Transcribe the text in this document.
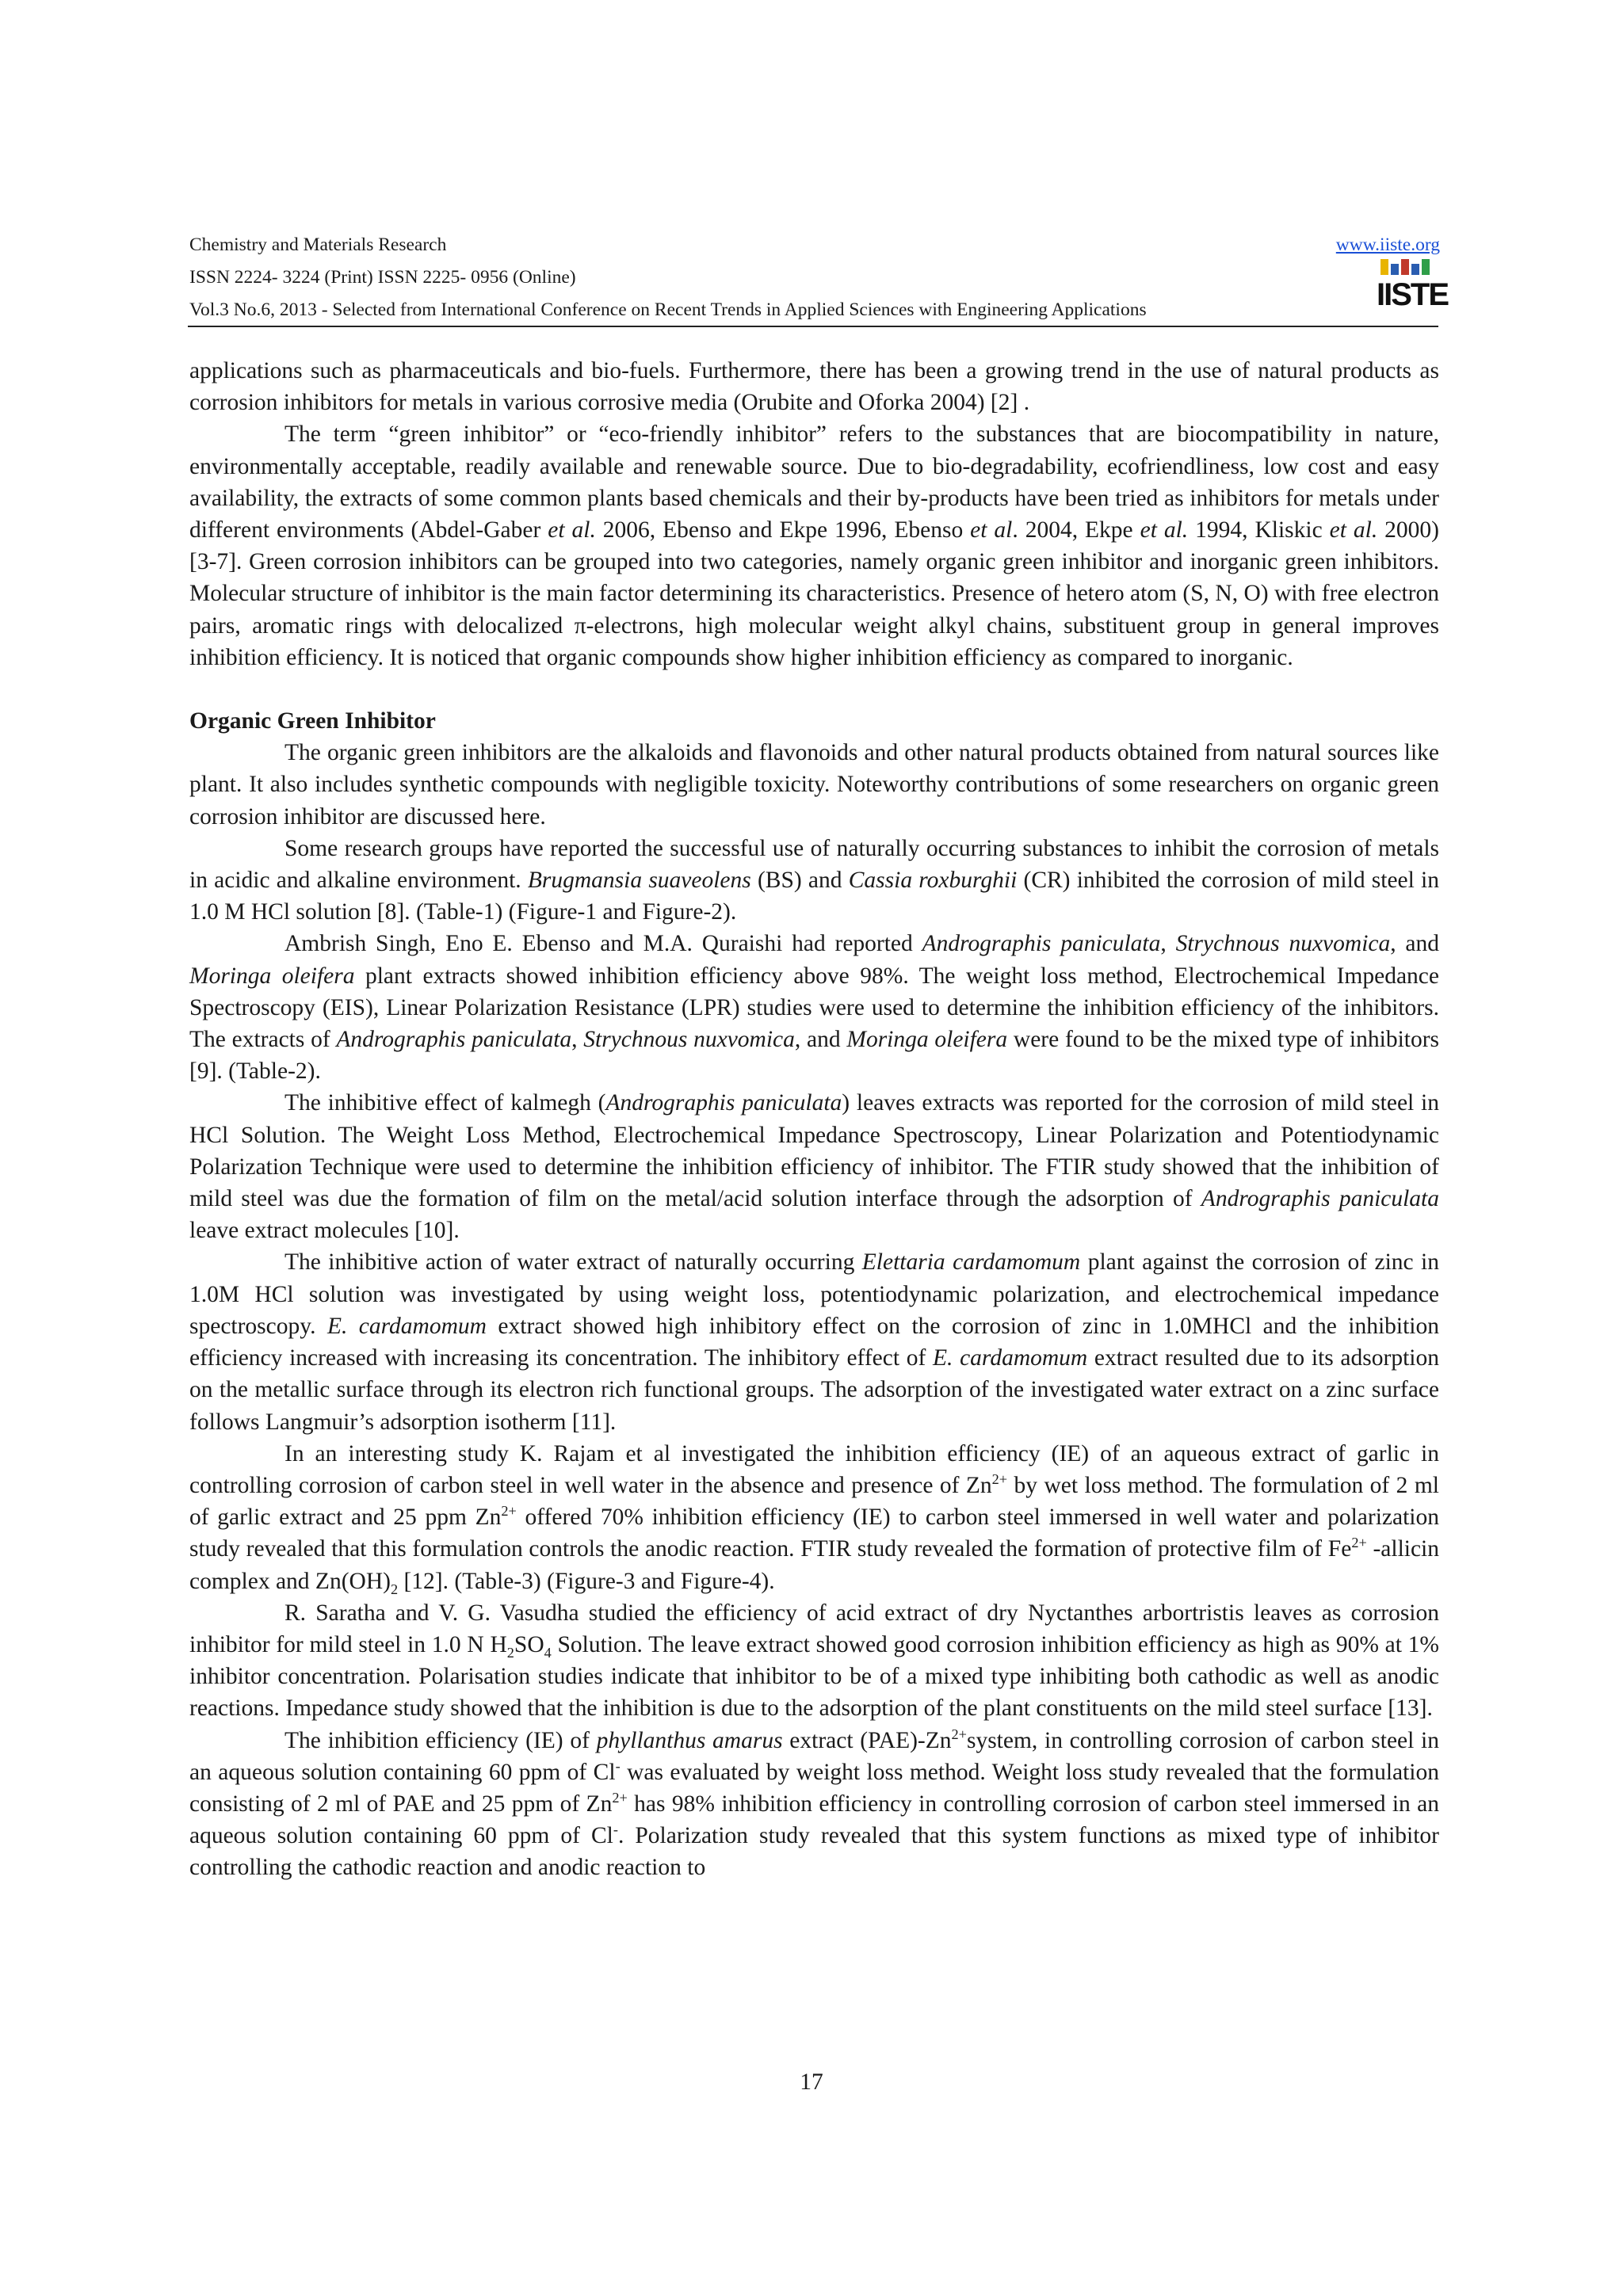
Chemistry and Materials Research
ISSN 2224- 3224 (Print) ISSN 2225- 0956 (Online)
Vol.3 No.6, 2013 - Selected from International Conference on Recent Trends in Applied Sciences with Engineering Applications
www.iiste.org
IISTE

applications such as pharmaceuticals and bio-fuels. Furthermore, there has been a growing trend in the use of natural products as corrosion inhibitors for metals in various corrosive media (Orubite and Oforka 2004) [2] .

The term “green inhibitor” or “eco-friendly inhibitor” refers to the substances that are biocompatibility in nature, environmentally acceptable, readily available and renewable source. Due to bio-degradability, ecofriendliness, low cost and easy availability, the extracts of some common plants based chemicals and their by-products have been tried as inhibitors for metals under different environments (Abdel-Gaber et al. 2006, Ebenso and Ekpe 1996, Ebenso et al. 2004, Ekpe et al. 1994, Kliskic et al. 2000) [3-7]. Green corrosion inhibitors can be grouped into two categories, namely organic green inhibitor and inorganic green inhibitors. Molecular structure of inhibitor is the main factor determining its characteristics. Presence of hetero atom (S, N, O) with free electron pairs, aromatic rings with delocalized π-electrons, high molecular weight alkyl chains, substituent group in general improves inhibition efficiency. It is noticed that organic compounds show higher inhibition efficiency as compared to inorganic.

Organic Green Inhibitor

The organic green inhibitors are the alkaloids and flavonoids and other natural products obtained from natural sources like plant. It also includes synthetic compounds with negligible toxicity. Noteworthy contributions of some researchers on organic green corrosion inhibitor are discussed here.

Some research groups have reported the successful use of naturally occurring substances to inhibit the corrosion of metals in acidic and alkaline environment. Brugmansia suaveolens (BS) and Cassia roxburghii (CR) inhibited the corrosion of mild steel in 1.0 M HCl solution [8]. (Table-1) (Figure-1 and Figure-2).

Ambrish Singh, Eno E. Ebenso and M.A. Quraishi had reported Andrographis paniculata, Strychnous nuxvomica, and Moringa oleifera plant extracts showed inhibition efficiency above 98%. The weight loss method, Electrochemical Impedance Spectroscopy (EIS), Linear Polarization Resistance (LPR) studies were used to determine the inhibition efficiency of the inhibitors. The extracts of Andrographis paniculata, Strychnous nuxvomica, and Moringa oleifera were found to be the mixed type of inhibitors [9]. (Table-2).

The inhibitive effect of kalmegh (Andrographis paniculata) leaves extracts was reported for the corrosion of mild steel in HCl Solution. The Weight Loss Method, Electrochemical Impedance Spectroscopy, Linear Polarization and Potentiodynamic Polarization Technique were used to determine the inhibition efficiency of inhibitor. The FTIR study showed that the inhibition of mild steel was due the formation of film on the metal/acid solution interface through the adsorption of Andrographis paniculata leave extract molecules [10].

The inhibitive action of water extract of naturally occurring Elettaria cardamomum plant against the corrosion of zinc in 1.0M HCl solution was investigated by using weight loss, potentiodynamic polarization, and electrochemical impedance spectroscopy. E. cardamomum extract showed high inhibitory effect on the corrosion of zinc in 1.0MHCl and the inhibition efficiency increased with increasing its concentration. The inhibitory effect of E. cardamomum extract resulted due to its adsorption on the metallic surface through its electron rich functional groups. The adsorption of the investigated water extract on a zinc surface follows Langmuir’s adsorption isotherm [11].

In an interesting study K. Rajam et al investigated the inhibition efficiency (IE) of an aqueous extract of garlic in controlling corrosion of carbon steel in well water in the absence and presence of $Zn^{2+}$ by wet loss method. The formulation of 2 ml of garlic extract and 25 ppm $Zn^{2+}$ offered 70% inhibition efficiency (IE) to carbon steel immersed in well water and polarization study revealed that this formulation controls the anodic reaction. FTIR study revealed the formation of protective film of $Fe^{2+}$ -allicin complex and $Zn(OH)_2$ [12]. (Table-3) (Figure-3 and Figure-4).

R. Saratha and V. G. Vasudha studied the efficiency of acid extract of dry Nyctanthes arbortristis leaves as corrosion inhibitor for mild steel in 1.0 N $H_2SO_4$ Solution. The leave extract showed good corrosion inhibition efficiency as high as 90% at 1% inhibitor concentration. Polarisation studies indicate that inhibitor to be of a mixed type inhibiting both cathodic as well as anodic reactions. Impedance study showed that the inhibition is due to the adsorption of the plant constituents on the mild steel surface [13].

The inhibition efficiency (IE) of phyllanthus amarus extract $(PAE)-Zn^{2+}system$, in controlling corrosion of carbon steel in an aqueous solution containing 60 ppm of Cl- was evaluated by weight loss method. Weight loss study revealed that the formulation consisting of 2 ml of PAE and 25 ppm of $Zn^{2+}$ has 98% inhibition efficiency in controlling corrosion of carbon steel immersed in an aqueous solution containing 60 ppm of Cl-. Polarization study revealed that this system functions as mixed type of inhibitor controlling the cathodic reaction and anodic reaction to

17
